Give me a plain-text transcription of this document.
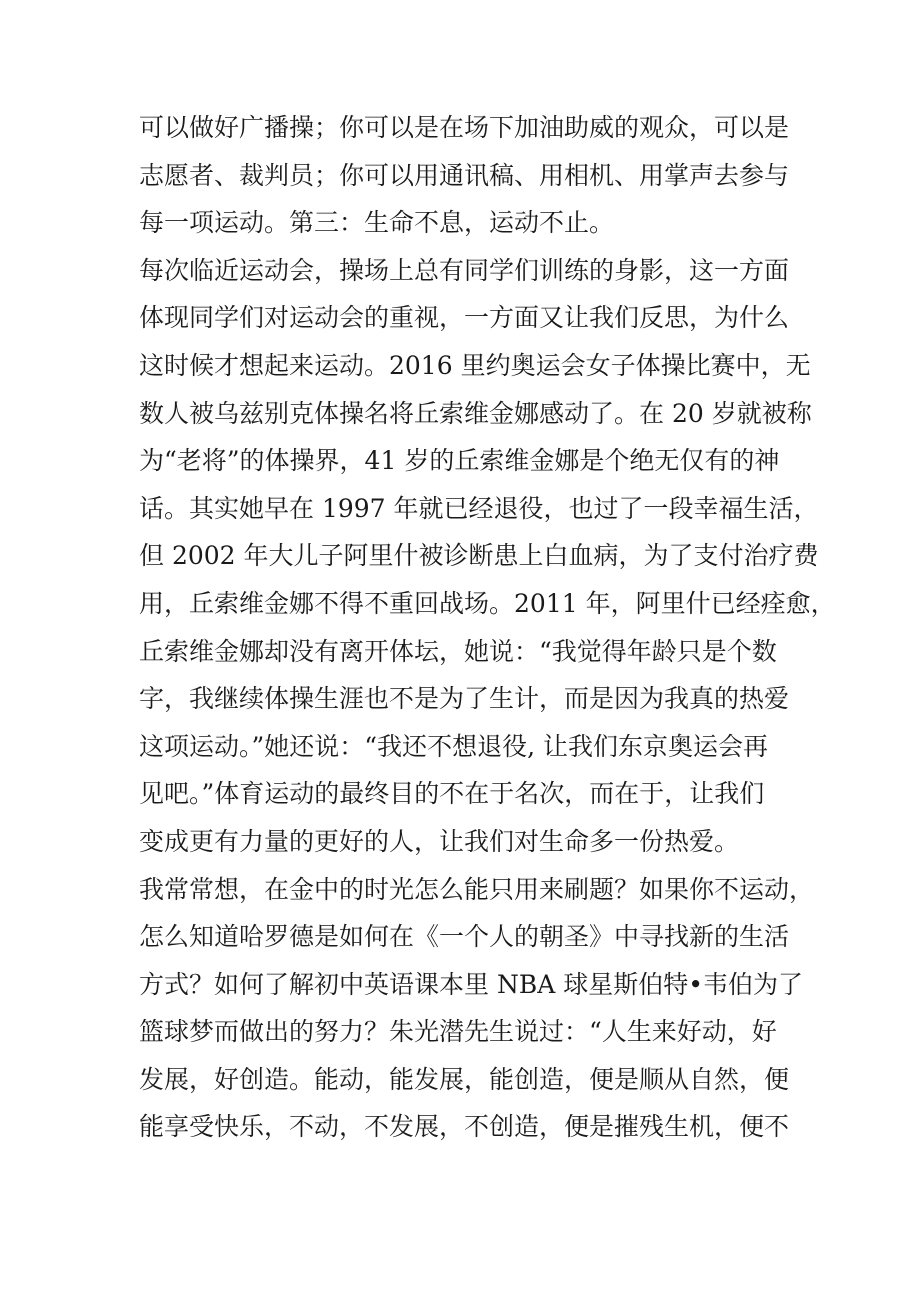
可以做好广播操；你可以是在场下加油助威的观众，可以是
志愿者、裁判员；你可以用通讯稿、用相机、用掌声去参与
每一项运动。第三：生命不息，运动不止。
每次临近运动会，操场上总有同学们训练的身影，这一方面
体现同学们对运动会的重视，一方面又让我们反思，为什么
这时候才想起来运动。2016 里约奥运会女子体操比赛中，无
数人被乌兹别克体操名将丘索维金娜感动了。在 20 岁就被称
为“老将”的体操界，41 岁的丘索维金娜是个绝无仅有的神
话。其实她早在 1997 年就已经退役，也过了一段幸福生活，
但 2002 年大儿子阿里什被诊断患上白血病，为了支付治疗费
用，丘索维金娜不得不重回战场。2011 年，阿里什已经痊愈，
丘索维金娜却没有离开体坛，她说：“我觉得年龄只是个数
字，我继续体操生涯也不是为了生计，而是因为我真的热爱
这项运动。”她还说：“我还不想退役, 让我们东京奥运会再
见吧。”体育运动的最终目的不在于名次，而在于，让我们
变成更有力量的更好的人，让我们对生命多一份热爱。
我常常想，在金中的时光怎么能只用来刷题？如果你不运动，
怎么知道哈罗德是如何在《一个人的朝圣》中寻找新的生活
方式？如何了解初中英语课本里 NBA 球星斯伯特•韦伯为了
篮球梦而做出的努力？朱光潜先生说过：“人生来好动，好
发展，好创造。能动，能发展，能创造，便是顺从自然，便
能享受快乐，不动，不发展，不创造，便是摧残生机，便不
